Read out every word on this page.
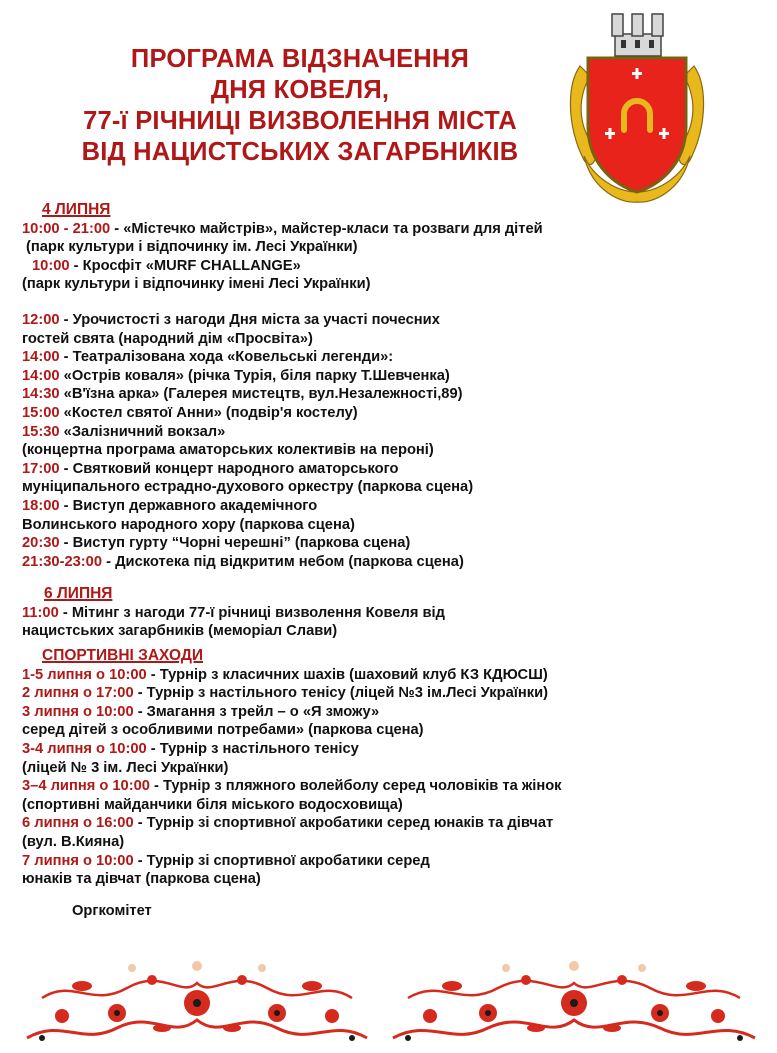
ПРОГРАМА ВІДЗНАЧЕННЯ
ДНЯ КОВЕЛЯ,
77-ї РІЧНИЦІ ВИЗВОЛЕННЯ МІСТА
ВІД НАЦИСТСЬКИХ ЗАГАРБНИКІВ
4 ЛИПНЯ
10:00 - 21:00 - «Містечко майстрів», майстер-класи та розваги для дітей
(парк культури і відпочинку ім. Лесі Українки)
10:00 - Кросфіт «MURF CHALLANGE»
(парк культури і відпочинку імені Лесі Українки)
12:00 - Урочистості з нагоди Дня міста за участі почесних
гостей свята (народний дім «Просвіта»)
14:00 - Театралізована хода «Ковельські легенди»:
14:00 «Острів коваля» (річка Турія, біля парку Т.Шевченка)
14:30 «В'їзна арка» (Галерея мистецтв, вул.Незалежності,89)
15:00 «Костел святої Анни» (подвір'я костелу)
15:30 «Залізничний вокзал»
(концертна програма аматорських колективів на пероні)
17:00 - Святковий концерт народного аматорського
муніципального естрадно-духового оркестру (паркова сцена)
18:00 - Виступ державного академічного
Волинського народного хору (паркова сцена)
20:30 - Виступ гурту “Чорні черешні” (паркова сцена)
21:30-23:00 - Дискотека під відкритим небом (паркова сцена)
6 ЛИПНЯ
11:00 - Мітинг з нагоди 77-ї річниці визволення Ковеля від
нацистських загарбників (меморіал Слави)
СПОРТИВНІ ЗАХОДИ
1-5 липня о 10:00 - Турнір з класичних шахів (шаховий клуб КЗ КДЮСШ)
2 липня о 17:00 - Турнір з настільного тенісу (ліцей №3 ім.Лесі Українки)
3 липня о 10:00 - Змагання з трейл – о «Я зможу»
серед дітей з особливими потребами» (паркова сцена)
3-4 липня о 10:00 - Турнір з настільного тенісу
(ліцей № 3 ім. Лесі Українки)
3–4 липня о 10:00 - Турнір з пляжного волейболу серед чоловіків та жінок
(спортивні майданчики біля міського водосховища)
6 липня о 16:00 - Турнір зі спортивної акробатики серед юнаків та дівчат
(вул. В.Кияна)
7 липня о 10:00 - Турнір зі спортивної акробатики серед
юнаків та дівчат (паркова сцена)
Оргкомітет
